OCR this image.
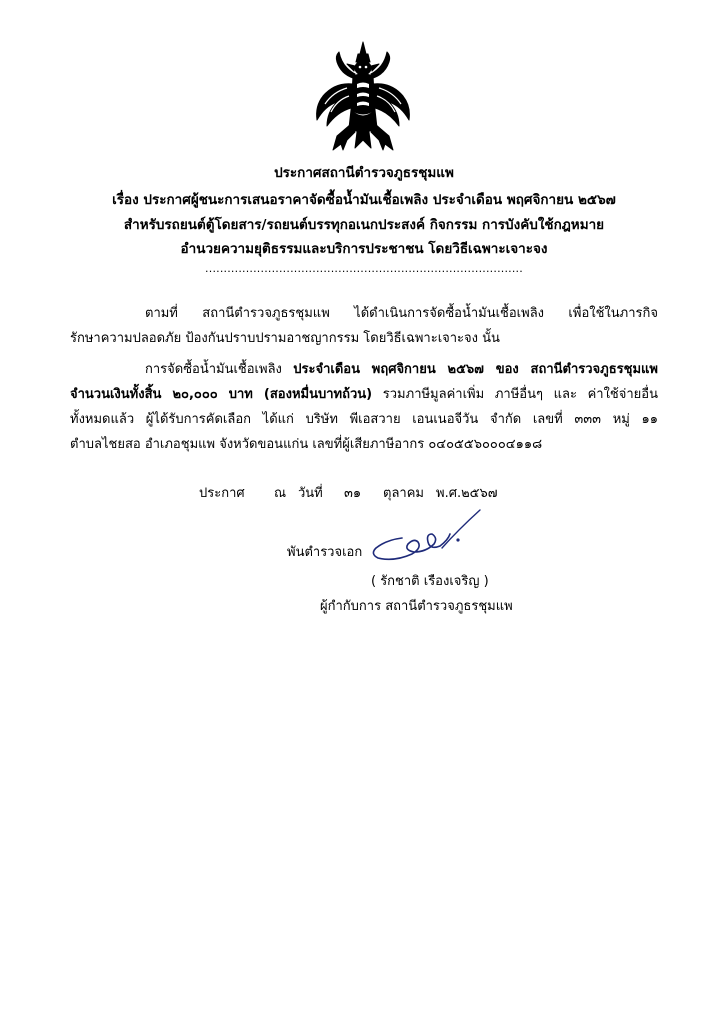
ประกาศสถานีตำรวจภูธรชุมแพ
เรื่อง ประกาศผู้ชนะการเสนอราคาจัดซื้อน้ำมันเชื้อเพลิง ประจำเดือน พฤศจิกายน ๒๕๖๗
สำหรับรถยนต์ตู้โดยสาร/รถยนต์บรรทุกอเนกประสงค์ กิจกรรม การบังคับใช้กฎหมาย
อำนวยความยุติธรรมและบริการประชาชน โดยวิธีเฉพาะเจาะจง
......................................................................................
ตามที่ สถานีตำรวจภูธรชุมแพ ได้ดำเนินการจัดซื้อน้ำมันเชื้อเพลิง เพื่อใช้ในภารกิจ
รักษาความปลอดภัย ป้องกันปราบปรามอาชญากรรม โดยวิธีเฉพาะเจาะจง นั้น
การจัดซื้อน้ำมันเชื้อเพลิง ประจำเดือน พฤศจิกายน ๒๕๖๗ ของ สถานีตำรวจภูธรชุมแพ
จำนวนเงินทั้งสิ้น ๒๐,๐๐๐ บาท (สองหมื่นบาทถ้วน) รวมภาษีมูลค่าเพิ่ม ภาษีอื่นๆ และ ค่าใช้จ่ายอื่น
ทั้งหมดแล้ว ผู้ได้รับการคัดเลือก ได้แก่ บริษัท พีเอสวาย เอนเนอจีวัน จำกัด เลขที่ ๓๓๓ หมู่ ๑๑
ตำบลไชยสอ อำเภอชุมแพ จังหวัดขอนแก่น เลขที่ผู้เสียภาษีอากร ๐๔๐๕๕๖๐๐๐๔๑๑๘
ประกาศ ณ วันที่ ๓๑ ตุลาคม พ.ศ.๒๕๖๗
พันตำรวจเอก
( รักชาติ เรืองเจริญ )
ผู้กำกับการ สถานีตำรวจภูธรชุมแพ
